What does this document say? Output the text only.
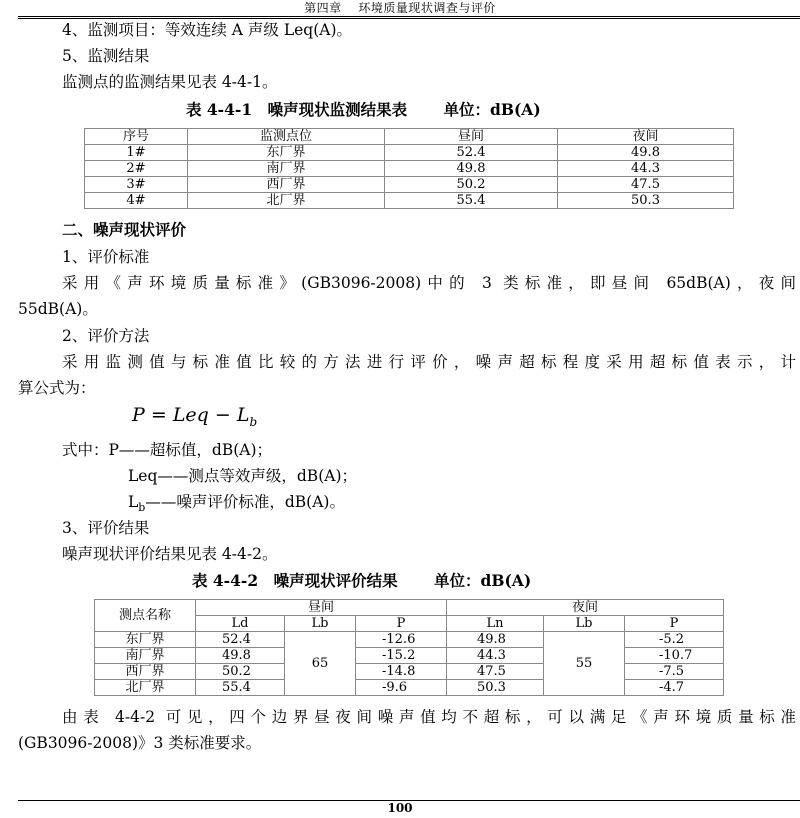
第四章　 环境质量现状调查与评价
4、监测项目：等效连续 A 声级 Leq(A)。
5、监测结果
监测点的监测结果见表 4-4-1。
表 4-4-1　噪声现状监测结果表　　 单位：dB(A)
序号	监测点位	昼间	夜间
1#	东厂界	52.4	49.8
2#	南厂界	49.8	44.3
3#	西厂界	50.2	47.5
4#	北厂界	55.4	50.3
二、噪声现状评价
1、评价标准
采用《声环境质量标准》(GB3096-2008)中的 3 类标准，即昼间 65dB(A)，夜间
55dB(A)。
2、评价方法
采用监测值与标准值比较的方法进行评价，噪声超标程度采用超标值表示，计
算公式为：
P = Leq − $L_b$
式中：P——超标值，dB(A)；
Leq——测点等效声级，dB(A)；
$L_b——$噪声评价标准，dB(A)。
3、评价结果
噪声现状评价结果见表 4-4-2。
表 4-4-2　噪声现状评价结果　　 单位：dB(A)
测点名称	昼间			夜间		
	Ld	Lb	P	Ln	Lb	P
东厂界	52.4	65	-12.6	49.8	55	-5.2
南厂界	49.8		-15.2	44.3		-10.7
西厂界	50.2		-14.8	47.5		-7.5
北厂界	55.4		-9.6	50.3		-4.7
由表 4-4-2 可见，四个边界昼夜间噪声值均不超标，可以满足《声环境质量标准
(GB3096-2008)》3 类标准要求。
100
